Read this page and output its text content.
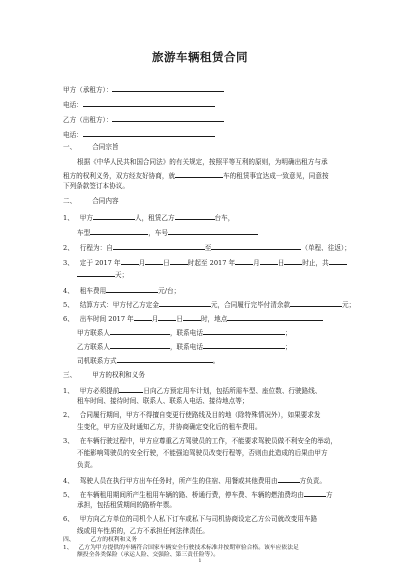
旅游车辆租赁合同
甲方（承租方）：
电话：
乙方（出租方）：
电话：
一、 合同宗旨
根据《中华人民共和国合同法》的有关规定，按照平等互利的原则，为明确出租方与承
租方的权利义务，双方经友好协商，就	车的租赁事宜达成一致意见，同意按
下列条款签订本协议。
二、 合同内容
1、 甲方	人，租赁乙方	台车，
车型	，车号
2、 行程为：自	至	（单程、往返）；
3、 定于 2017 年	月	日	时起至 2017 年	月	日	时止，共
天；
4、 租车费用	元/台；
5、 结算方式：甲方付乙方定金	元，合同履行完毕付清余款	元；
6、 出车时间 2017 年	月	日	时，地点
甲方联系人	，联系电话	；
乙方联系人	，联系电话	；
司机联系方式	。
三、 甲方的权利和义务
1、 甲方必须提前	日向乙方预定用车计划，包括所需车型、座位数、行驶路线、
租车时间、接待时间、联系人、联系人电话、接待地点等；
2、 合同履行期间，甲方不得擅自变更行使路线及目的地（除特殊情况外），如果要求发
生变化，甲方应及时通知乙方，并协商确定变化后的租车费用。
3、 在车辆行驶过程中，甲方应尊重乙方驾驶员的工作，不能要求驾驶员做不利安全的举动，
不能影响驾驶员的安全行驶，不能强迫驾驶员改变行程等，否则由此造成的后果由甲方
负责。
4、 驾驶人员在执行甲方出车任务时，所产生的住宿、用餐或其他费用由	方负责。
5、 在车辆租用期间所产生租用车辆的路、桥通行费，停车费、车辆的燃油费均由	方
承担，包括租赁期间的路桥年票。
6、 甲方向乙方单位的司机个人私下订车或私下与司机协商设定乙方公司就改变用车路
线或用车性质的，乙方不承担任何法律责任。
四、	乙方的权利和义务
1、 乙方为甲方提供的车辆符合国家车辆安全行驶技术标准并按期审验合格。该车应依法足
额投全各类保险（承运人险、交强险、第三责任险等）。
1
